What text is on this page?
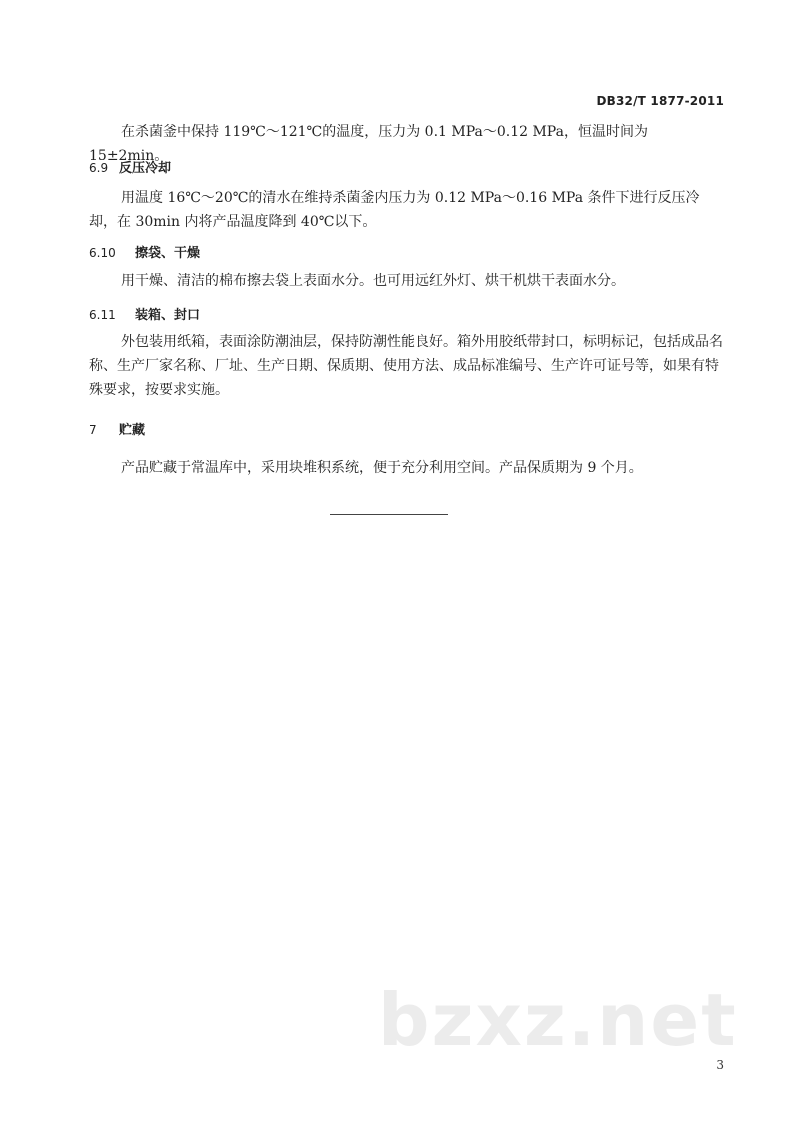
DB32/T 1877-2011

在杀菌釜中保持 119℃～121℃的温度，压力为 0.1 MPa～0.12 MPa，恒温时间为 15±2min。

6.9 反压冷却

用温度 16℃～20℃的清水在维持杀菌釜内压力为 0.12 MPa～0.16 MPa 条件下进行反压冷却，在 30min 内将产品温度降到 40℃以下。

6.10 擦袋、干燥

用干燥、清洁的棉布擦去袋上表面水分。也可用远红外灯、烘干机烘干表面水分。

6.11 装箱、封口

外包装用纸箱，表面涂防潮油层，保持防潮性能良好。箱外用胶纸带封口，标明标记，包括成品名称、生产厂家名称、厂址、生产日期、保质期、使用方法、成品标准编号、生产许可证号等，如果有特殊要求，按要求实施。

7 贮藏

产品贮藏于常温库中，采用块堆积系统，便于充分利用空间。产品保质期为 9 个月。

bzxz.net
3
